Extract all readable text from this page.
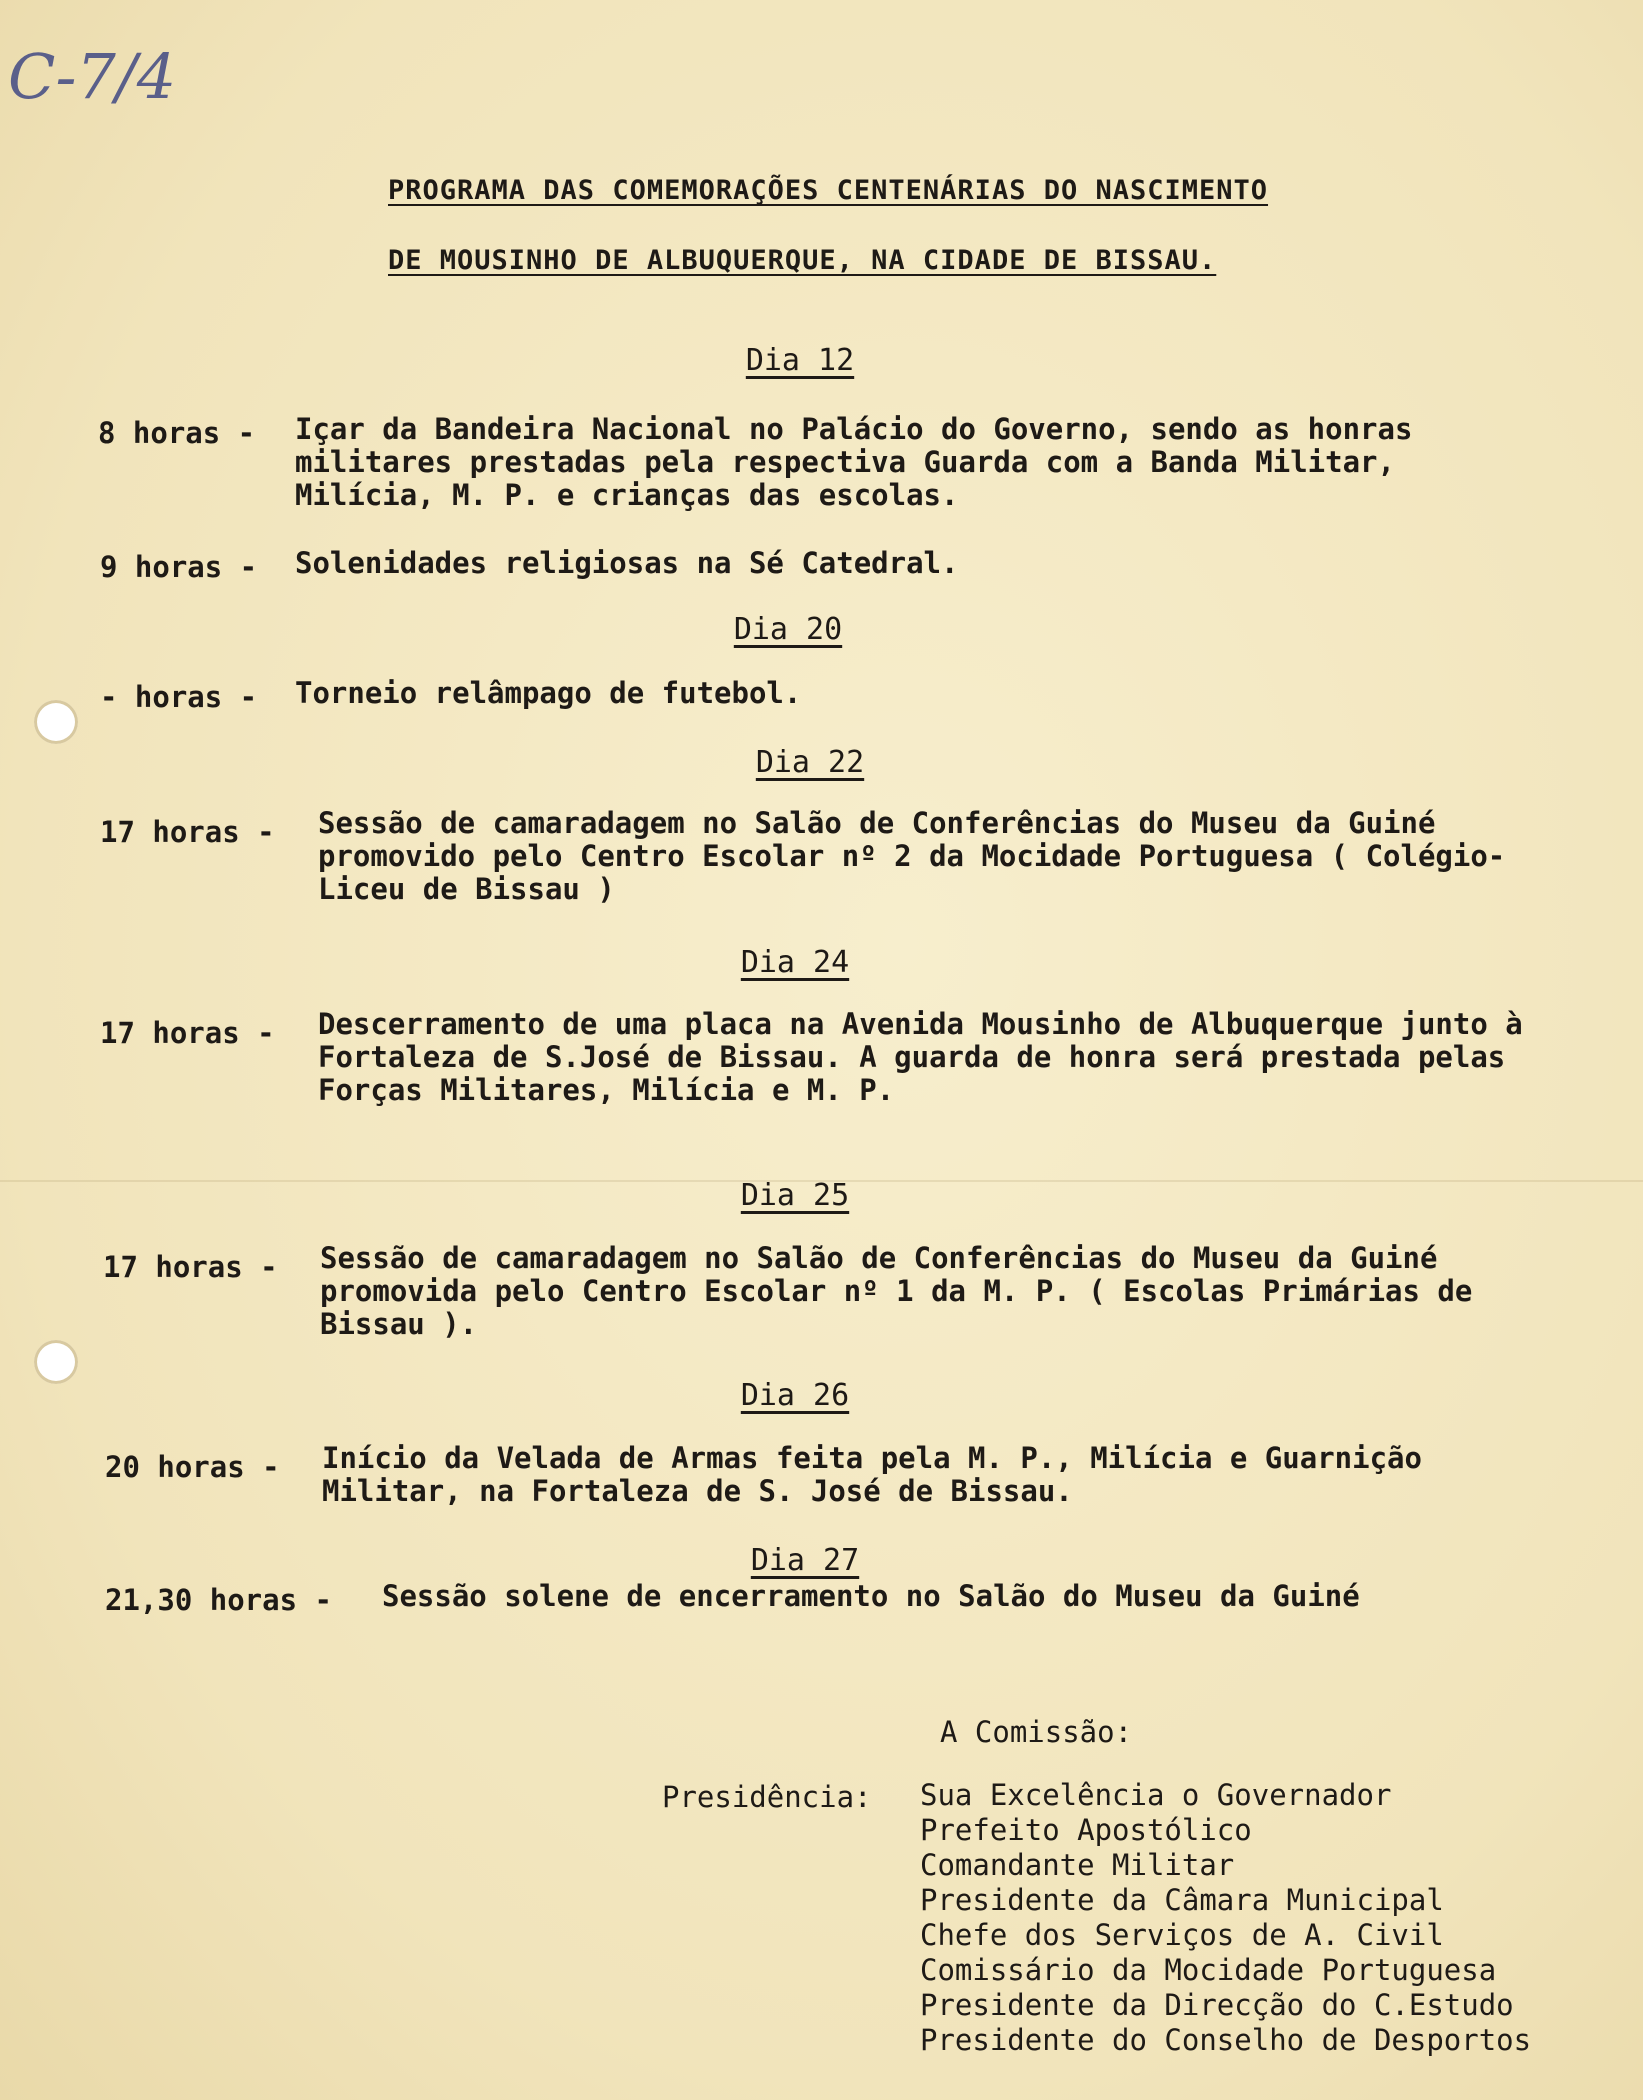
C-7/4
PROGRAMA DAS COMEMORAÇÕES CENTENÁRIAS DO NASCIMENTO
DE MOUSINHO DE ALBUQUERQUE, NA CIDADE DE BISSAU.
Dia 12
8 horas - Içar da Bandeira Nacional no Palácio do Governo, sendo as honras militares prestadas pela respectiva Guarda com a Banda Militar, Milícia, M. P. e crianças das escolas.
9 horas - Solenidades religiosas na Sé Catedral.
Dia 20
- horas - Torneio relâmpago de futebol.
Dia 22
17 horas - Sessão de camaradagem no Salão de Conferências do Museu da Guiné promovido pelo Centro Escolar nº 2 da Mocidade Portuguesa ( Colégio-Liceu de Bissau )
Dia 24
17 horas - Descerramento de uma placa na Avenida Mousinho de Albuquerque junto à Fortaleza de S.José de Bissau. A guarda de honra será prestada pelas Forças Militares, Milícia e M. P.
Dia 25
17 horas - Sessão de camaradagem no Salão de Conferências do Museu da Guiné promovida pelo Centro Escolar nº 1 da M. P. ( Escolas Primárias de Bissau ).
Dia 26
20 horas - Início da Velada de Armas feita pela M. P., Milícia e Guarnição Militar, na Fortaleza de S. José de Bissau.
Dia 27
21,30 horas - Sessão solene de encerramento no Salão do Museu da Guiné
A Comissão:
Presidência: Sua Excelência o Governador
Prefeito Apostólico
Comandante Militar
Presidente da Câmara Municipal
Chefe dos Serviços de A. Civil
Comissário da Mocidade Portuguesa
Presidente da Direcção do C.Estudo
Presidente do Conselho de Desportos
